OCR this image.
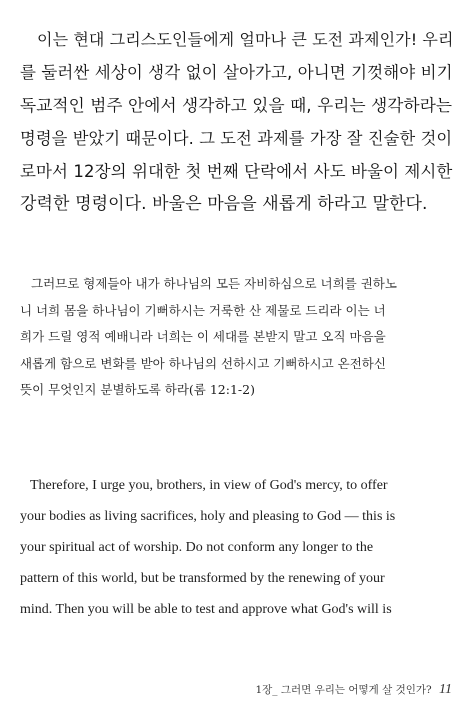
이는 현대 그리스도인들에게 얼마나 큰 도전 과제인가! 우리
를 둘러싼 세상이 생각 없이 살아가고, 아니면 기껏해야 비기
독교적인 범주 안에서 생각하고 있을 때, 우리는 생각하라는
명령을 받았기 때문이다. 그 도전 과제를 가장 잘 진술한 것이
로마서 12장의 위대한 첫 번째 단락에서 사도 바울이 제시한
강력한 명령이다. 바울은 마음을 새롭게 하라고 말한다.
그러므로 형제들아 내가 하나님의 모든 자비하심으로 너희를 권하노
니 너희 몸을 하나님이 기뻐하시는 거룩한 산 제물로 드리라 이는 너
희가 드릴 영적 예배니라 너희는 이 세대를 본받지 말고 오직 마음을
새롭게 함으로 변화를 받아 하나님의 선하시고 기뻐하시고 온전하신
뜻이 무엇인지 분별하도록 하라(롬 12:1-2)
Therefore, I urge you, brothers, in view of God's mercy, to offer
your bodies as living sacrifices, holy and pleasing to God — this is
your spiritual act of worship. Do not conform any longer to the
pattern of this world, but be transformed by the renewing of your
mind. Then you will be able to test and approve what God's will is
1장_ 그러면 우리는 어떻게 살 것인가? 11
